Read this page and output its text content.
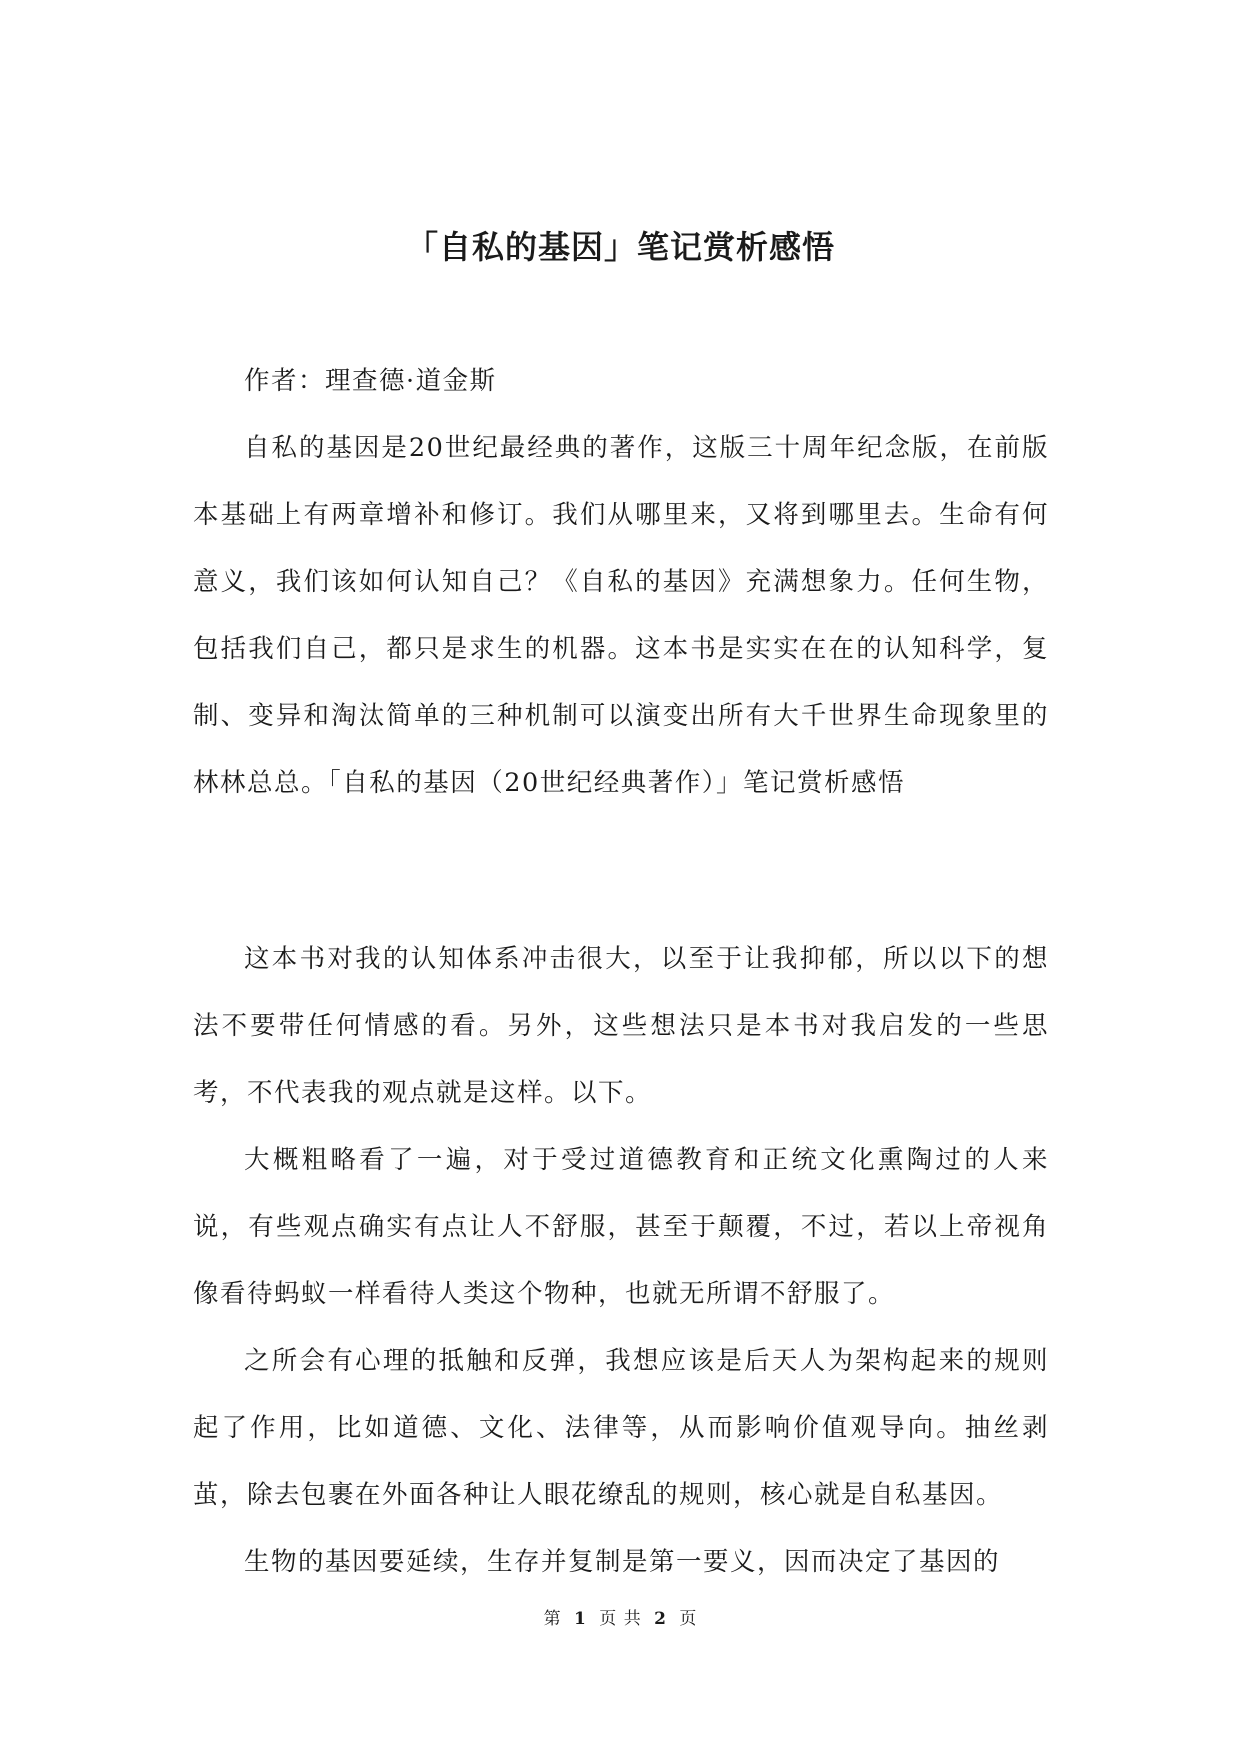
「自私的基因」笔记赏析感悟

作者：理查德·道金斯

自私的基因是20世纪最经典的著作，这版三十周年纪念版，在前版本基础上有两章增补和修订。我们从哪里来，又将到哪里去。生命有何意义，我们该如何认知自己？《自私的基因》充满想象力。任何生物，包括我们自己，都只是求生的机器。这本书是实实在在的认知科学，复制、变异和淘汰简单的三种机制可以演变出所有大千世界生命现象里的林林总总。「自私的基因（20世纪经典著作）」笔记赏析感悟

这本书对我的认知体系冲击很大，以至于让我抑郁，所以以下的想法不要带任何情感的看。另外，这些想法只是本书对我启发的一些思考，不代表我的观点就是这样。以下。

大概粗略看了一遍，对于受过道德教育和正统文化熏陶过的人来说，有些观点确实有点让人不舒服，甚至于颠覆，不过，若以上帝视角像看待蚂蚁一样看待人类这个物种，也就无所谓不舒服了。

之所会有心理的抵触和反弹，我想应该是后天人为架构起来的规则起了作用，比如道德、文化、法律等，从而影响价值观导向。抽丝剥茧，除去包裹在外面各种让人眼花缭乱的规则，核心就是自私基因。

生物的基因要延续，生存并复制是第一要义，因而决定了基因的

第 1 页 共 2 页
